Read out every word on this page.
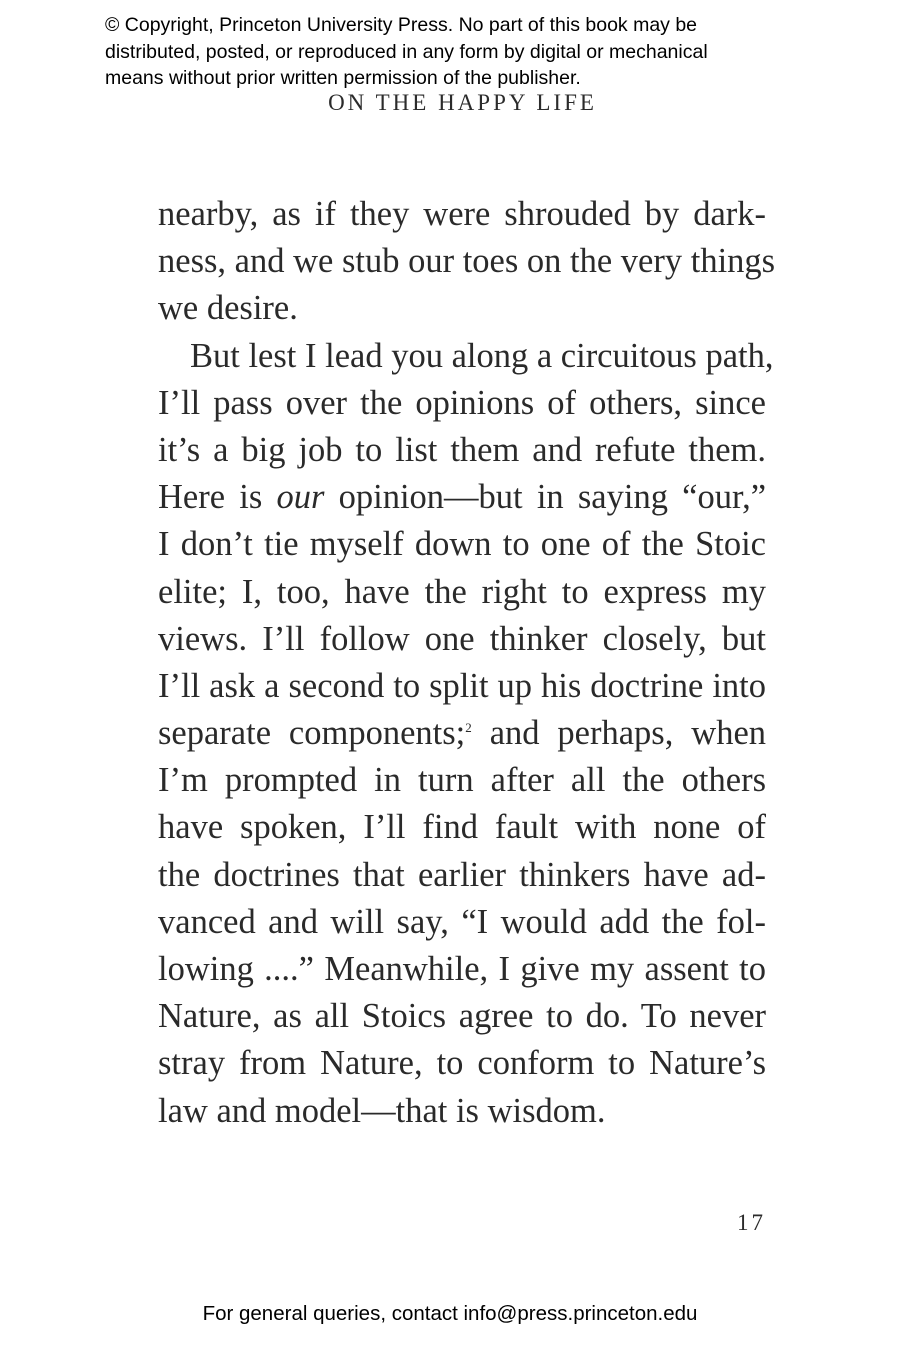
© Copyright, Princeton University Press. No part of this book may be
distributed, posted, or reproduced in any form by digital or mechanical
means without prior written permission of the publisher.
ON THE HAPPY LIFE
nearby, as if they were shrouded by dark-
ness, and we stub our toes on the very things
we desire.
But lest I lead you along a circuitous path,
I’ll pass over the opinions of others, since
it’s a big job to list them and refute them.
Here is our opinion—but in saying “our,”
I don’t tie myself down to one of the Stoic
elite; I, too, have the right to express my
views. I’ll follow one thinker closely, but
I’ll ask a second to split up his doctrine into
separate components;$^2$ and perhaps, when
I’m prompted in turn after all the others
have spoken, I’ll find fault with none of
the doctrines that earlier thinkers have ad-
vanced and will say, “I would add the fol-
lowing ....” Meanwhile, I give my assent to
Nature, as all Stoics agree to do. To never
stray from Nature, to conform to Nature’s
law and model—that is wisdom.
17
For general queries, contact info@press.princeton.edu
